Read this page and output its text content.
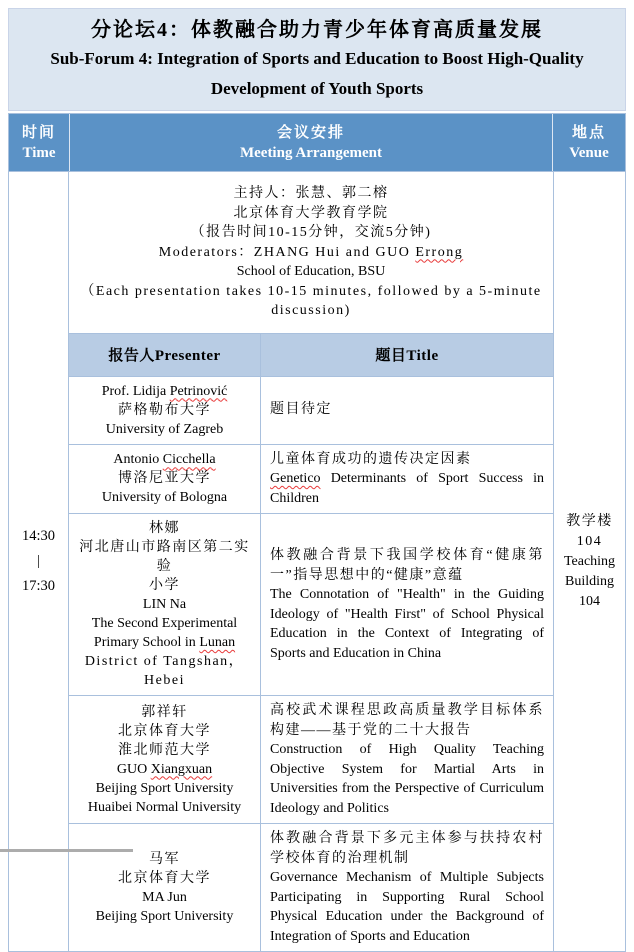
分论坛4：体教融合助力青少年体育高质量发展
Sub-Forum 4: Integration of Sports and Education to Boost High-Quality
Development of Youth Sports
时间
Time
会议安排
Meeting Arrangement
地点
Venue
14:30
|
17:30
主持人：张慧、郭二榕
北京体育大学教育学院
（报告时间10-15分钟，交流5分钟)
Moderators：ZHANG Hui and GUO Errong
School of Education, BSU
（Each presentation takes 10-15 minutes, followed by a 5-minute discussion)
报告人Presenter	题目Title
Prof. Lidija Petrinović
萨格勒布大学
University of Zagreb
题目待定
Antonio Cicchella
博洛尼亚大学
University of Bologna
儿童体育成功的遗传决定因素
Genetico Determinants of Sport Success in Children
林娜
河北唐山市路南区第二实验
小学
LIN Na
The Second Experimental
Primary School in Lunan
District of Tangshan，Hebei
体教融合背景下我国学校体育“健康第一”指导思想中的“健康”意蕴
The Connotation of "Health" in the Guiding Ideology of "Health First" of School Physical Education in the Context of Integrating of Sports and Education in China
郭祥轩
北京体育大学
淮北师范大学
GUO Xiangxuan
Beijing Sport University
Huaibei Normal University
高校武术课程思政高质量教学目标体系构建——基于党的二十大报告
Construction of High Quality Teaching Objective System for Martial Arts in Universities from the Perspective of Curriculum Ideology and Politics
马军
北京体育大学
MA Jun
Beijing Sport University
体教融合背景下多元主体参与扶持农村学校体育的治理机制
Governance Mechanism of Multiple Subjects Participating in Supporting Rural School Physical Education under the Background of Integration of Sports and Education
教学楼104
Teaching
Building
104
